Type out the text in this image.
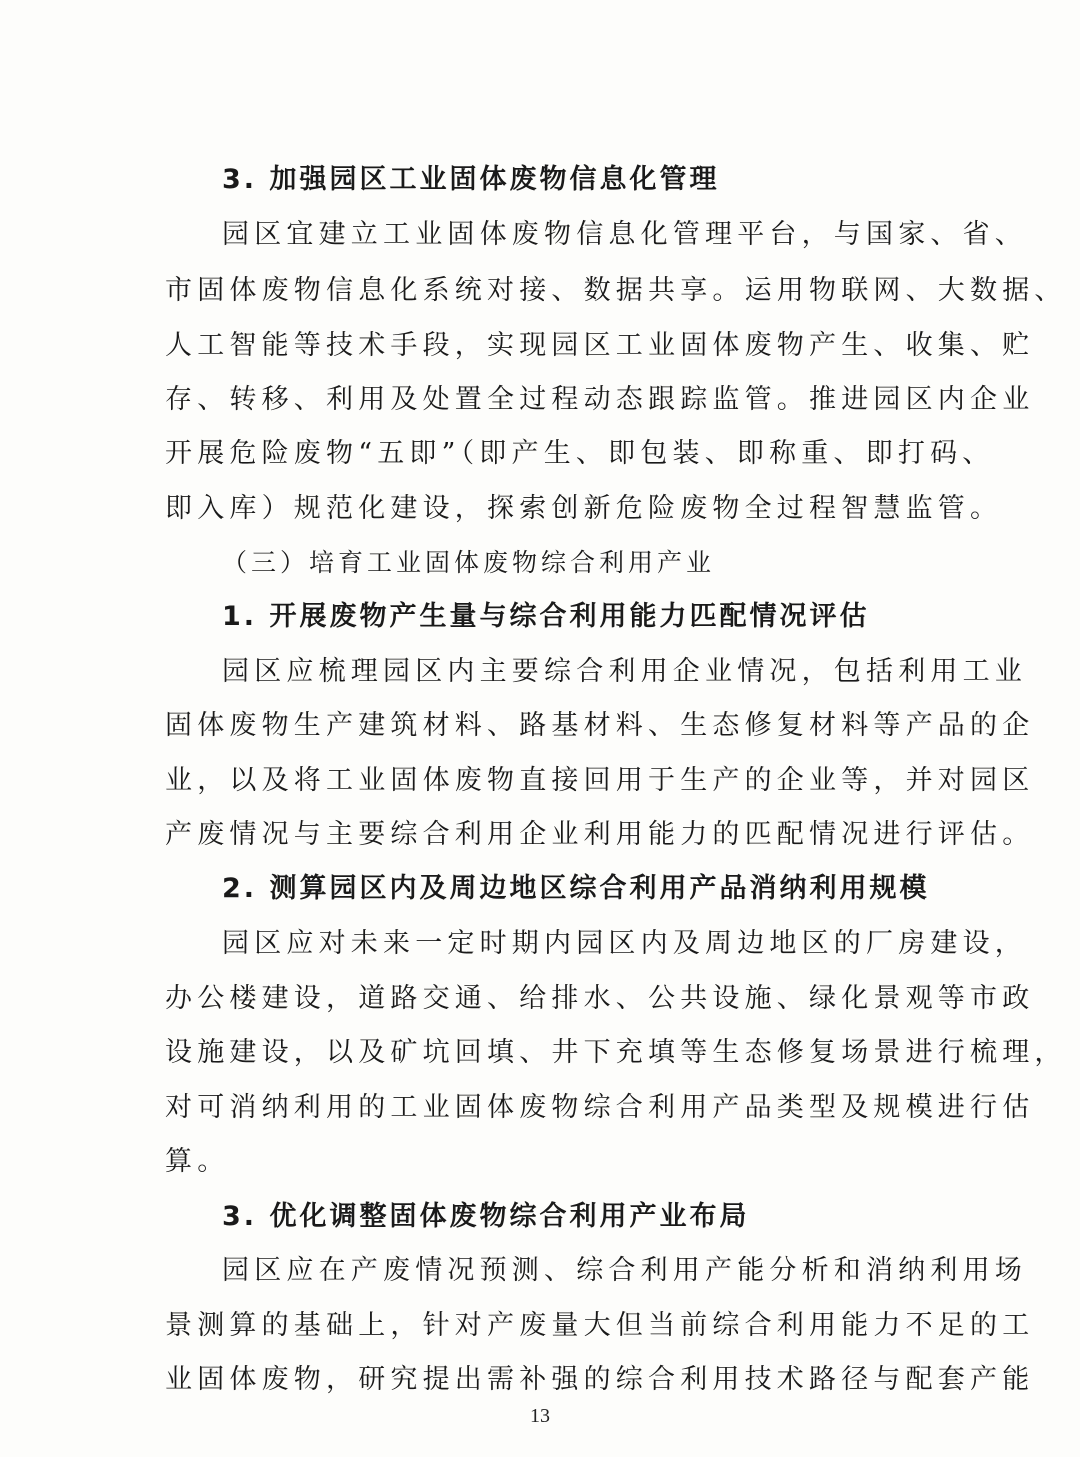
3. 加强园区工业固体废物信息化管理
园区宜建立工业固体废物信息化管理平台，与国家、省、
市固体废物信息化系统对接、数据共享。运用物联网、大数据、
人工智能等技术手段，实现园区工业固体废物产生、收集、贮
存、转移、利用及处置全过程动态跟踪监管。推进园区内企业
开展危险废物“五即”（即产生、即包装、即称重、即打码、
即入库）规范化建设，探索创新危险废物全过程智慧监管。
（三）培育工业固体废物综合利用产业
1. 开展废物产生量与综合利用能力匹配情况评估
园区应梳理园区内主要综合利用企业情况，包括利用工业
固体废物生产建筑材料、路基材料、生态修复材料等产品的企
业，以及将工业固体废物直接回用于生产的企业等，并对园区
产废情况与主要综合利用企业利用能力的匹配情况进行评估。
2. 测算园区内及周边地区综合利用产品消纳利用规模
园区应对未来一定时期内园区内及周边地区的厂房建设，
办公楼建设，道路交通、给排水、公共设施、绿化景观等市政
设施建设，以及矿坑回填、井下充填等生态修复场景进行梳理，
对可消纳利用的工业固体废物综合利用产品类型及规模进行估
算。
3. 优化调整固体废物综合利用产业布局
园区应在产废情况预测、综合利用产能分析和消纳利用场
景测算的基础上，针对产废量大但当前综合利用能力不足的工
业固体废物，研究提出需补强的综合利用技术路径与配套产能
13
